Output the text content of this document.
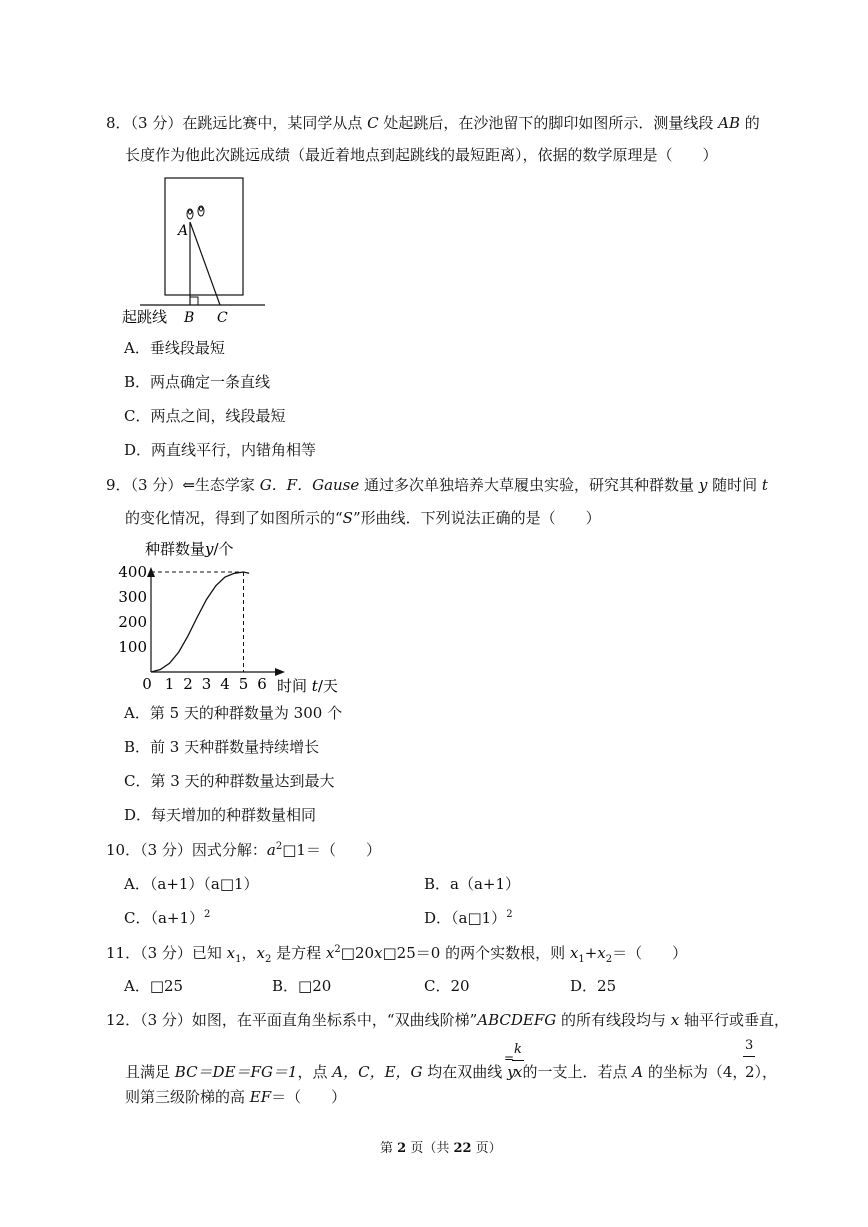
8．（3 分）在跳远比赛中，某同学从点 C 处起跳后，在沙池留下的脚印如图所示．测量线段 AB 的
长度作为他此次跳远成绩（最近着地点到起跳线的最短距离），依据的数学原理是（　　）
A
B C
起跳线
A．垂线段最短
B．两点确定一条直线
C．两点之间，线段最短
D．两直线平行，内错角相等
9．（3 分）⇐生态学家 G．F．Gause 通过多次单独培养大草履虫实验，研究其种群数量 y 随时间 t
的变化情况，得到了如图所示的“S”形曲线．下列说法正确的是（　　）
种群数量y/个
100
200
300
400
0 1 2 3 4 5 6 时间 t/天
A．第 5 天的种群数量为 300 个
B．前 3 天种群数量持续增长
C．第 3 天的种群数量达到最大
D．每天增加的种群数量相同
10．（3 分）因式分解：$a^2□1=$（　　）
A．（a+1）（a□1）	B．a（a+1）
C．$(a+1)^2$	D．（a□1）$^2$
11．（3 分）已知 $x_1$，$x_2$ 是方程 $x^2□20x□25=0$ 的两个实数根，则 $x_1+x_2=$（　　）
A．□25	B．□20	C．20	D．25
12．（3 分）如图，在平面直角坐标系中，“双曲线阶梯”ABCDEFG 的所有线段均与 x 轴平行或垂直，
且满足 BC＝DE＝FG＝1，点 A，C，E，G 均在双曲线 y
k
=
x的一支上．若点 A 的坐标为（4，
3
2），
则第三级阶梯的高 EF＝（　　）
第 2 页（共 22 页）
